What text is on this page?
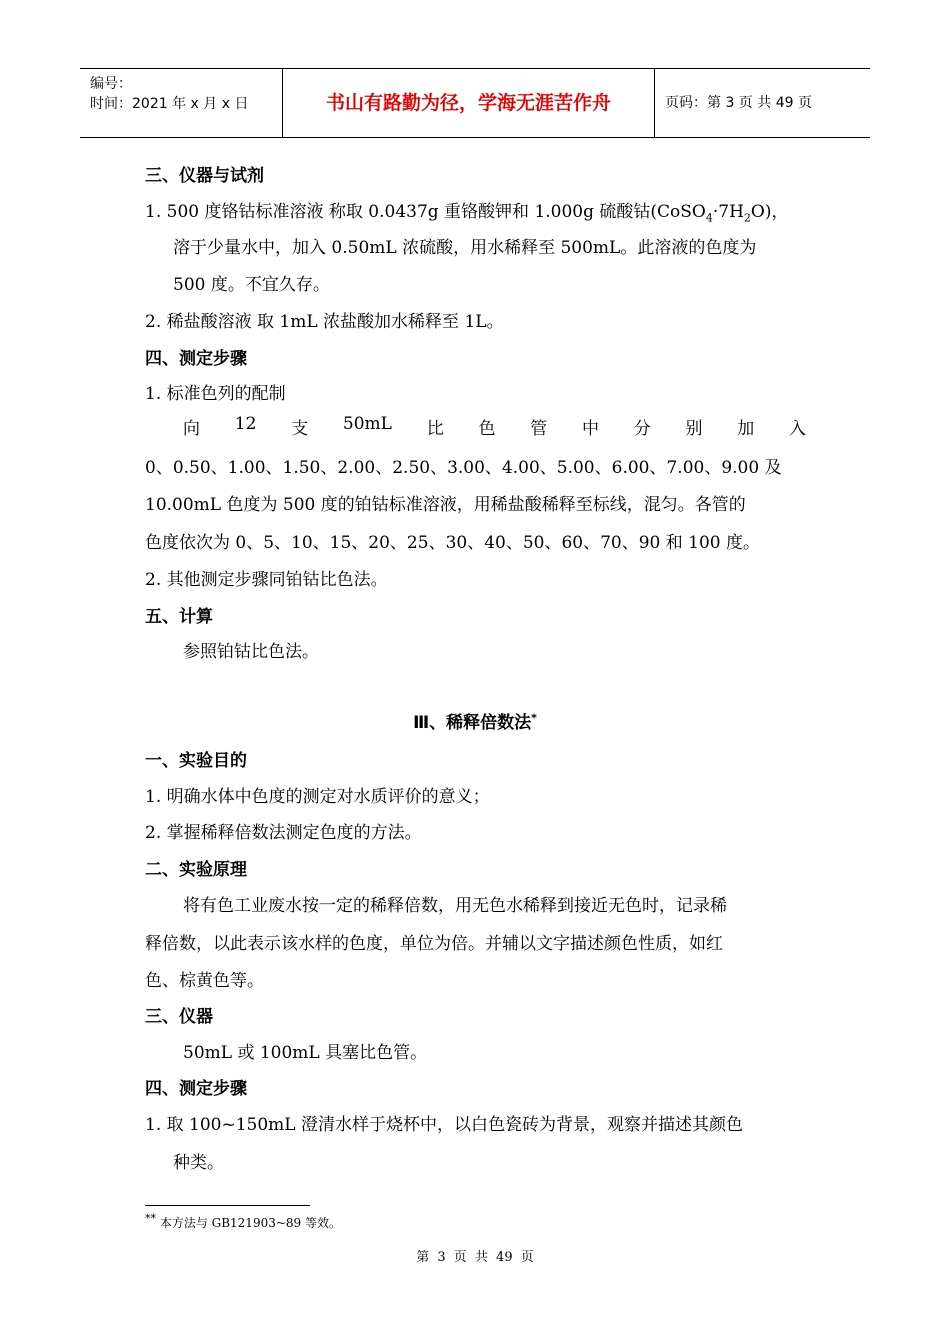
编号：
时间：2021 年 x 月 x 日	书山有路勤为径，学海无涯苦作舟	页码：第 3 页 共 49 页
三、仪器与试剂
1. 500 度铬钴标准溶液 称取 0.0437g 重铬酸钾和 1.000g 硫酸钴$(CoSO_4\cdot 7H_2O)$，
溶于少量水中，加入 0.50mL 浓硫酸，用水稀释至 500mL。此溶液的色度为
500 度。不宜久存。
2. 稀盐酸溶液 取 1mL 浓盐酸加水稀释至 1L。
四、测定步骤
1. 标准色列的配制
向 12 支 50mL 比 色 管 中 分 别 加 入
0、0.50、1.00、1.50、2.00、2.50、3.00、4.00、5.00、6.00、7.00、9.00 及
10.00mL 色度为 500 度的铂钴标准溶液，用稀盐酸稀释至标线，混匀。各管的
色度依次为 0、5、10、15、20、25、30、40、50、60、70、90 和 100 度。
2. 其他测定步骤同铂钴比色法。
五、计算
参照铂钴比色法。
Ⅲ、稀释倍数法*
一、实验目的
1. 明确水体中色度的测定对水质评价的意义；
2. 掌握稀释倍数法测定色度的方法。
二、实验原理
将有色工业废水按一定的稀释倍数，用无色水稀释到接近无色时，记录稀
释倍数，以此表示该水样的色度，单位为倍。并辅以文字描述颜色性质，如红
色、棕黄色等。
三、仪器
50mL 或 100mL 具塞比色管。
四、测定步骤
1. 取 100~150mL 澄清水样于烧杯中，以白色瓷砖为背景，观察并描述其颜色
种类。
** 本方法与 GB121903~89 等效。
第 3 页 共 49 页
